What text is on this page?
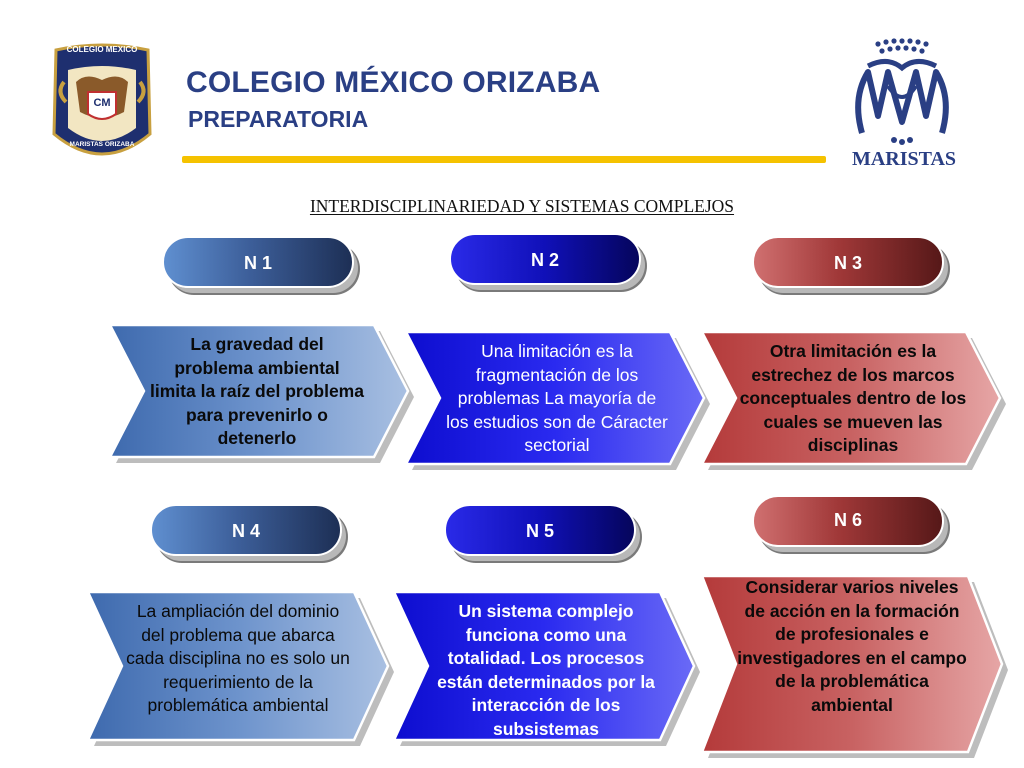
COLEGIO MEXICO
CM
MARISTAS ORIZABA
MARISTAS
COLEGIO MÉXICO ORIZABA
PREPARATORIA
INTERDISCIPLINARIEDAD Y SISTEMAS COMPLEJOS
N 1	N 2	N 3
N 4	N 5
N 6
La gravedad del problema ambiental limita la raíz del problema para prevenirlo o detenerlo
Una limitación es la fragmentación de los problemas La mayoría de los estudios son de Cáracter sectorial
Otra limitación es la estrechez de los marcos conceptuales dentro de los cuales se mueven las disciplinas
La ampliación del dominio del problema que abarca cada disciplina no es solo un requerimiento de la problemática ambiental
Un sistema complejo funciona como una totalidad. Los procesos están determinados por la interacción de los subsistemas
Considerar varios niveles de acción en la formación de profesionales e investigadores en el campo de la problemática ambiental
